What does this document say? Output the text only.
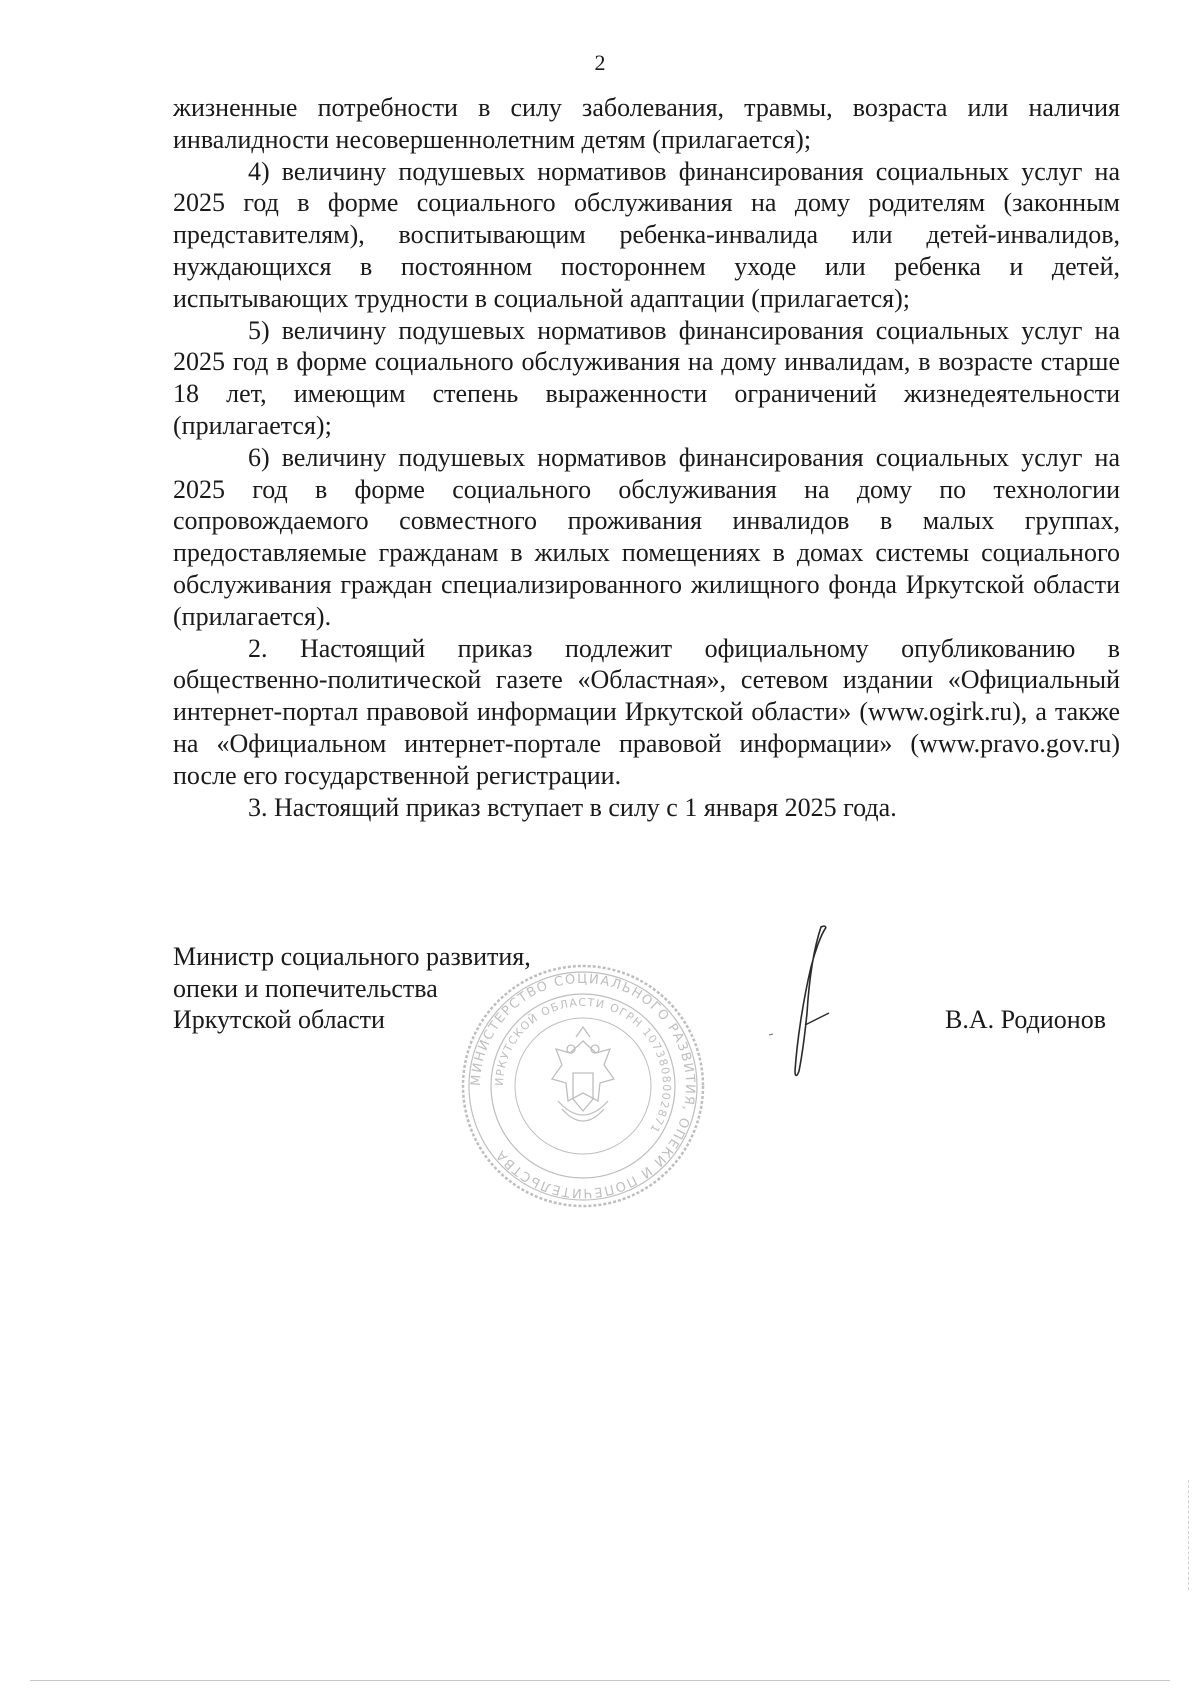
2

жизненные потребности в силу заболевания, травмы, возраста или наличия инвалидности несовершеннолетним детям (прилагается);

4) величину подушевых нормативов финансирования социальных услуг на 2025 год в форме социального обслуживания на дому родителям (законным представителям), воспитывающим ребенка-инвалида или детей-инвалидов, нуждающихся в постоянном постороннем уходе или ребенка и детей, испытывающих трудности в социальной адаптации (прилагается);

5) величину подушевых нормативов финансирования социальных услуг на 2025 год в форме социального обслуживания на дому инвалидам, в возрасте старше 18 лет, имеющим степень выраженности ограничений жизнедеятельности (прилагается);

6) величину подушевых нормативов финансирования социальных услуг на 2025 год в форме социального обслуживания на дому по технологии сопровождаемого совместного проживания инвалидов в малых группах, предоставляемые гражданам в жилых помещениях в домах системы социального обслуживания граждан специализированного жилищного фонда Иркутской области (прилагается).

2. Настоящий приказ подлежит официальному опубликованию в общественно-политической газете «Областная», сетевом издании «Официальный интернет-портал правовой информации Иркутской области» (www.ogirk.ru), а также на «Официальном интернет-портале правовой информации» (www.pravo.gov.ru) после его государственной регистрации.

3. Настоящий приказ вступает в силу с 1 января 2025 года.

Министр социального развития,
опеки и попечительства
Иркутской области
МИНИСТЕРСТВО СОЦИАЛЬНОГО РАЗВИТИЯ, ОПЕКИ И ПОПЕЧИТЕЛЬСТВА
ИРКУТСКОЙ ОБЛАСТИ ОГРН 1073808002871
В.А. Родионов
